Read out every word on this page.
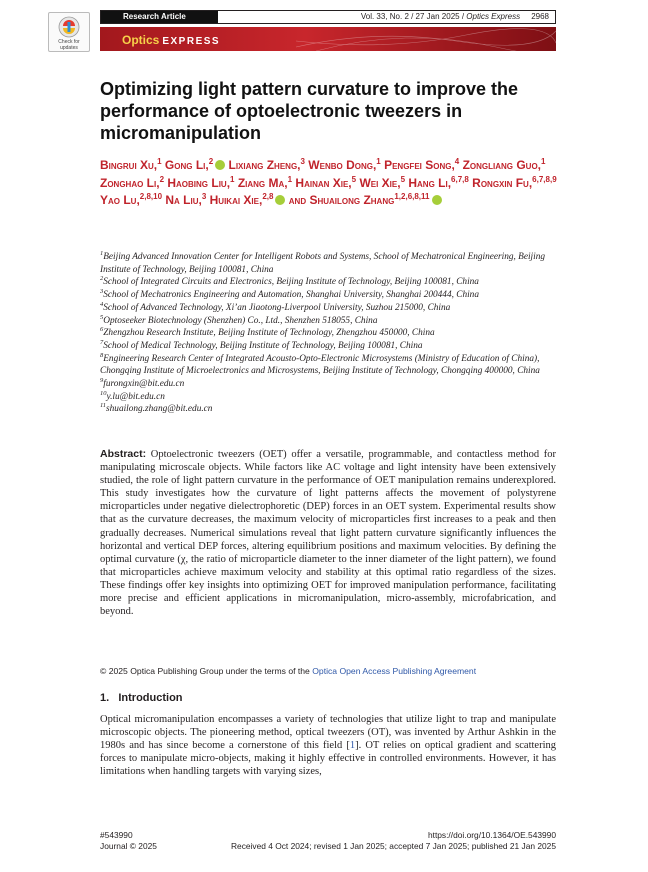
Check for updates
Research Article	Vol. 33, No. 2 / 27 Jan 2025 / Optics Express 2968
Optics EXPRESS
Optimizing light pattern curvature to improve the performance of optoelectronic tweezers in micromanipulation
Bingrui Xu,$^1$ Gong Li,$^2$ Lixiang Zheng,$^3$ Wenbo Dong,$^1$ Pengfei Song,$^4$ Zongliang Guo,$^1$ Zonghao Li,$^2$ Haobing Liu,$^1$ Ziang Ma,$^1$ Hainan Xie,$^5$ Wei Xie,$^5$ Hang Li,$^{6,7,8}$ Rongxin Fu,$^{6,7,8,9}$ Yao Lu,$^{2,8,10}$ Na Liu,$^3$ Huikai Xie,$^{2,8}$ and Shuailong Zhang$^{1,2,6,8,11}$
$^1$Beijing Advanced Innovation Center for Intelligent Robots and Systems, School of Mechatronical Engineering, Beijing Institute of Technology, Beijing 100081, China
$^2$School of Integrated Circuits and Electronics, Beijing Institute of Technology, Beijing 100081, China
$^3$School of Mechatronics Engineering and Automation, Shanghai University, Shanghai 200444, China
$^4$School of Advanced Technology, Xi’an Jiaotong-Liverpool University, Suzhou 215000, China
$^5$Optoseeker Biotechnology (Shenzhen) Co., Ltd., Shenzhen 518055, China
$^6$Zhengzhou Research Institute, Beijing Institute of Technology, Zhengzhou 450000, China
$^7$School of Medical Technology, Beijing Institute of Technology, Beijing 100081, China
$^8$Engineering Research Center of Integrated Acousto-Opto-Electronic Microsystems (Ministry of Education of China), Chongqing Institute of Microelectronics and Microsystems, Beijing Institute of Technology, Chongqing 400000, China
$^9$furongxin@bit.edu.cn
$^{10}$y.lu@bit.edu.cn
$^{11}$shuailong.zhang@bit.edu.cn
Abstract: Optoelectronic tweezers (OET) offer a versatile, programmable, and contactless method for manipulating microscale objects. While factors like AC voltage and light intensity have been extensively studied, the role of light pattern curvature in the performance of OET manipulation remains underexplored. This study investigates how the curvature of light patterns affects the movement of polystyrene microparticles under negative dielectrophoretic (DEP) forces in an OET system. Experimental results show that as the curvature decreases, the maximum velocity of microparticles first increases to a peak and then gradually decreases. Numerical simulations reveal that light pattern curvature significantly influences the horizontal and vertical DEP forces, altering equilibrium positions and maximum velocities. By defining the optimal curvature (χ, the ratio of microparticle diameter to the inner diameter of the light pattern), we found that microparticles achieve maximum velocity and stability at this optimal ratio regardless of the sizes. These findings offer key insights into optimizing OET for improved manipulation performance, facilitating more precise and efficient applications in micromanipulation, micro-assembly, microfabrication, and beyond.
© 2025 Optica Publishing Group under the terms of the Optica Open Access Publishing Agreement
1. Introduction
Optical micromanipulation encompasses a variety of technologies that utilize light to trap and manipulate microscopic objects. The pioneering method, optical tweezers (OT), was invented by Arthur Ashkin in the 1980s and has since become a cornerstone of this field [1]. OT relies on optical gradient and scattering forces to manipulate micro-objects, making it highly effective in controlled environments. However, it has limitations when handling targets with varying sizes,
#543990
Journal © 2025
https://doi.org/10.1364/OE.543990
Received 4 Oct 2024; revised 1 Jan 2025; accepted 7 Jan 2025; published 21 Jan 2025
